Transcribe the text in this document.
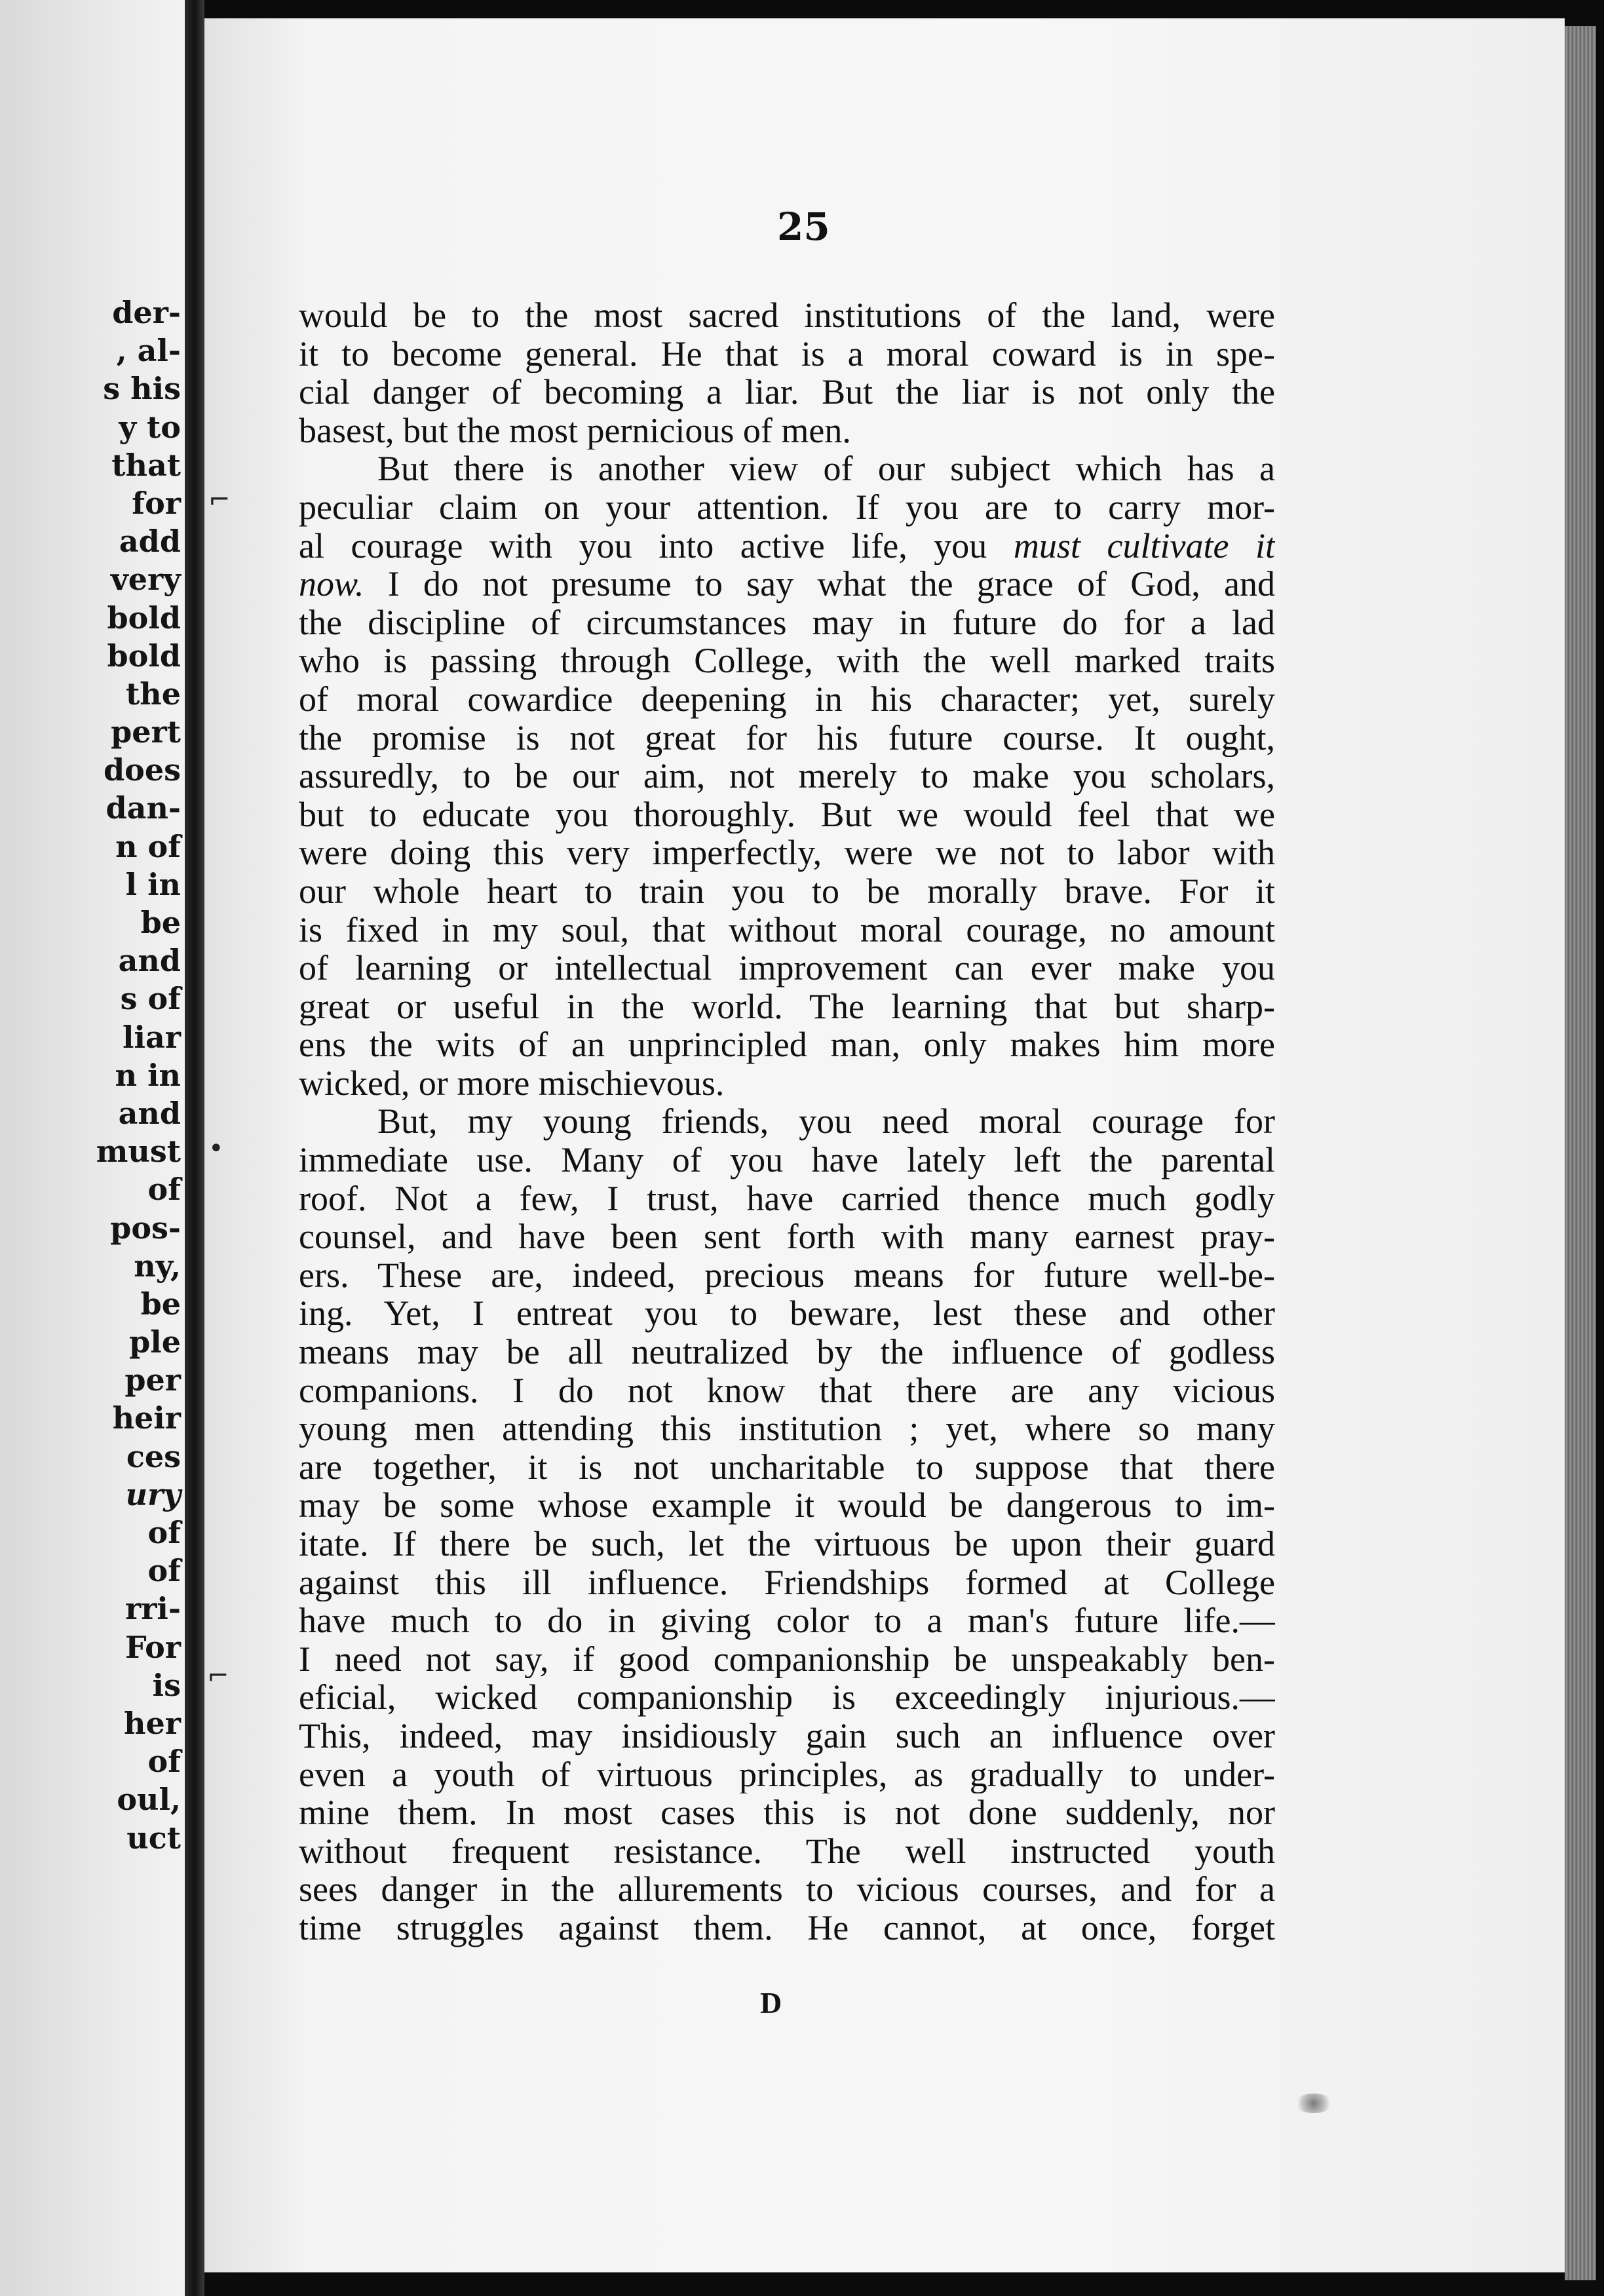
der-
, al-
s his
y to
that
for
add
very
bold
bold
the
pert
does
dan-
n of
l in
be
and
s of
liar
n in
and
must
of
pos-
ny,
be
ple
per
heir
ces
ury
of
of
rri-
For
is
her
of
oul,
uct
25
would be to the most sacred institutions of the land, were
it to become general. He that is a moral coward is in spe-
cial danger of becoming a liar. But the liar is not only the
basest, but the most pernicious of men.
But there is another view of our subject which has a
peculiar claim on your attention. If you are to carry mor-
al courage with you into active life, you must cultivate it
now. I do not presume to say what the grace of God, and
the discipline of circumstances may in future do for a lad
who is passing through College, with the well marked traits
of moral cowardice deepening in his character; yet, surely
the promise is not great for his future course. It ought,
assuredly, to be our aim, not merely to make you scholars,
but to educate you thoroughly. But we would feel that we
were doing this very imperfectly, were we not to labor with
our whole heart to train you to be morally brave. For it
is fixed in my soul, that without moral courage, no amount
of learning or intellectual improvement can ever make you
great or useful in the world. The learning that but sharp-
ens the wits of an unprincipled man, only makes him more
wicked, or more mischievous.
But, my young friends, you need moral courage for
immediate use. Many of you have lately left the parental
roof. Not a few, I trust, have carried thence much godly
counsel, and have been sent forth with many earnest pray-
ers. These are, indeed, precious means for future well-be-
ing. Yet, I entreat you to beware, lest these and other
means may be all neutralized by the influence of godless
companions. I do not know that there are any vicious
young men attending this institution ; yet, where so many
are together, it is not uncharitable to suppose that there
may be some whose example it would be dangerous to im-
itate. If there be such, let the virtuous be upon their guard
against this ill influence. Friendships formed at College
have much to do in giving color to a man's future life.—
I need not say, if good companionship be unspeakably ben-
eficial, wicked companionship is exceedingly injurious.—
This, indeed, may insidiously gain such an influence over
even a youth of virtuous principles, as gradually to under-
mine them. In most cases this is not done suddenly, nor
without frequent resistance. The well instructed youth
sees danger in the allurements to vicious courses, and for a
time struggles against them. He cannot, at once, forget
D
⌐
•
⌐
